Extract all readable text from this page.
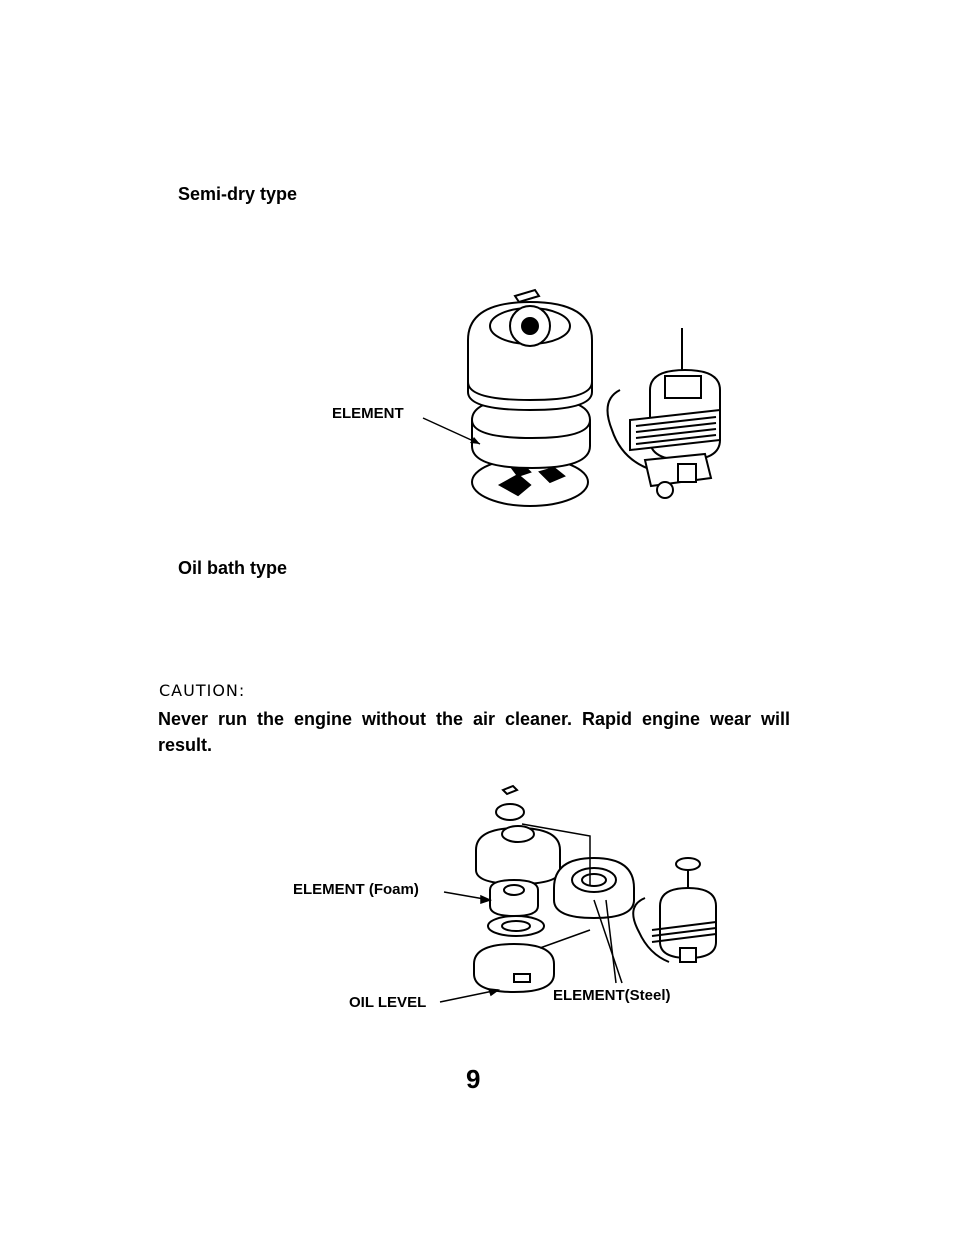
Semi-dry type
Oil bath type
ELEMENT
CAUTION:
Never run the engine without the air cleaner. Rapid engine wear will result.
ELEMENT (Foam)
OIL LEVEL	ELEMENT(Steel)
9
